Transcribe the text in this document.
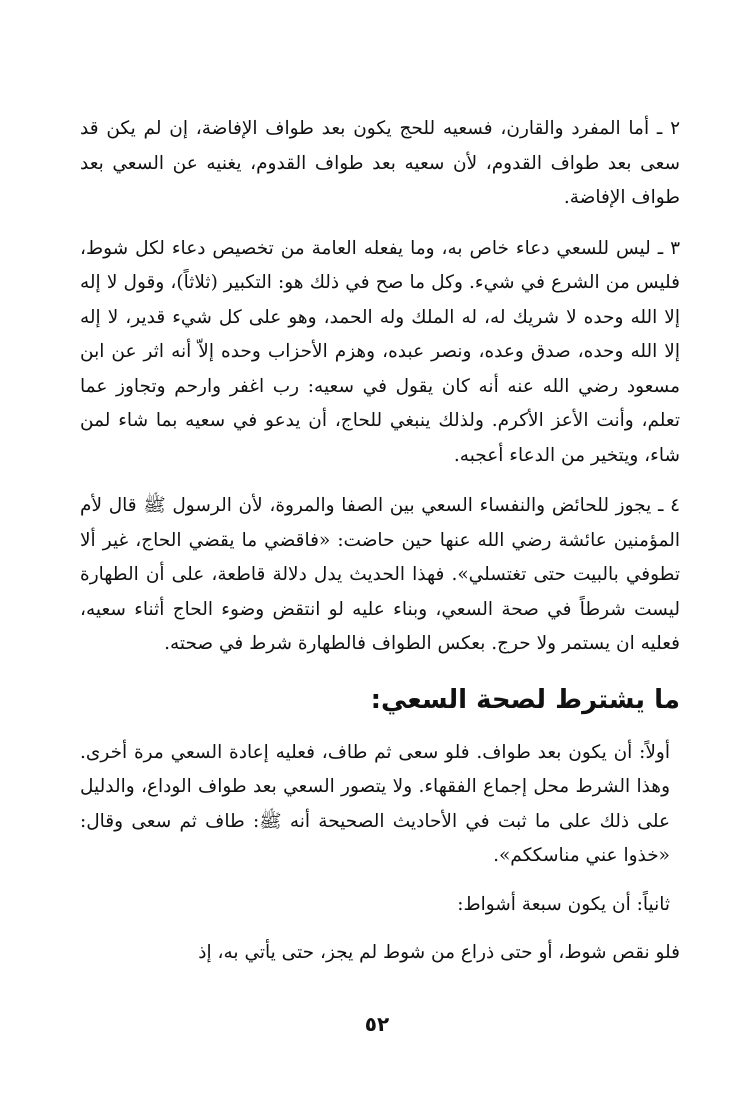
٢ ـ أما المفرد والقارن، فسعيه للحج يكون بعد طواف الإفاضة، إن لم يكن قد سعى بعد طواف القدوم، لأن سعيه بعد طواف القدوم، يغنيه عن السعي بعد طواف الإفاضة.

٣ ـ ليس للسعي دعاء خاص به، وما يفعله العامة من تخصيص دعاء لكل شوط، فليس من الشرع في شيء. وكل ما صح في ذلك هو: التكبير (ثلاثاً)، وقول لا إله إلا الله وحده لا شريك له، له الملك وله الحمد، وهو على كل شيء قدير، لا إله إلا الله وحده، صدق وعده، ونصر عبده، وهزم الأحزاب وحده إلاّ أنه اثر عن ابن مسعود رضي الله عنه أنه كان يقول في سعيه: رب اغفر وارحم وتجاوز عما تعلم، وأنت الأعز الأكرم. ولذلك ينبغي للحاج، أن يدعو في سعيه بما شاء لمن شاء، ويتخير من الدعاء أعجبه.

٤ ـ يجوز للحائض والنفساء السعي بين الصفا والمروة، لأن الرسول ﷺ قال لأم المؤمنين عائشة رضي الله عنها حين حاضت: «فاقضي ما يقضي الحاج، غير ألا تطوفي بالبيت حتى تغتسلي». فهذا الحديث يدل دلالة قاطعة، على أن الطهارة ليست شرطاً في صحة السعي، وبناء عليه لو انتقض وضوء الحاج أثناء سعيه، فعليه ان يستمر ولا حرج. بعكس الطواف فالطهارة شرط في صحته.

ما يشترط لصحة السعي:

أولاً: أن يكون بعد طواف. فلو سعى ثم طاف، فعليه إعادة السعي مرة أخرى. وهذا الشرط محل إجماع الفقهاء. ولا يتصور السعي بعد طواف الوداع، والدليل على ذلك على ما ثبت في الأحاديث الصحيحة أنه ﷺ: طاف ثم سعى وقال: «خذوا عني مناسككم».

ثانياً: أن يكون سبعة أشواط:

فلو نقص شوط، أو حتى ذراع من شوط لم يجز، حتى يأتي به، إذ

٥٢
